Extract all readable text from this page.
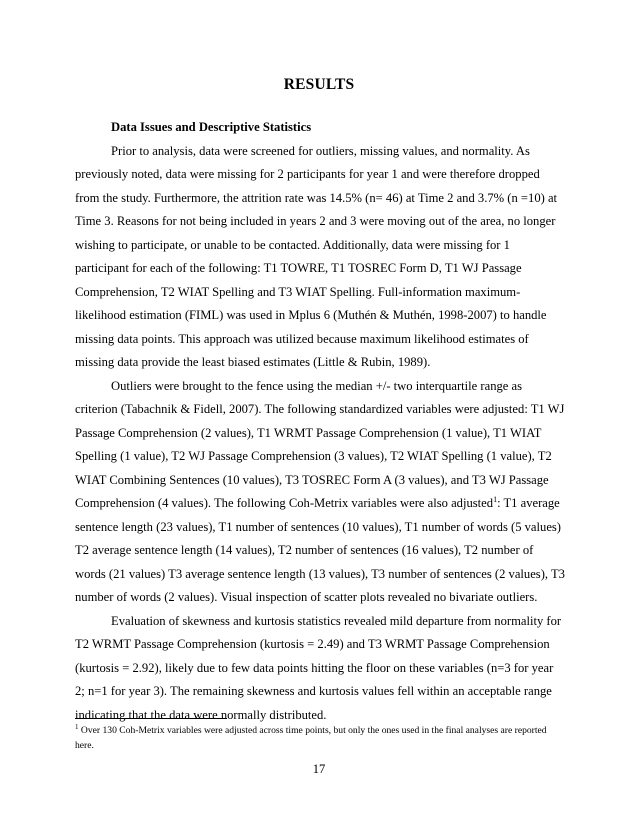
RESULTS

Data Issues and Descriptive Statistics

Prior to analysis, data were screened for outliers, missing values, and normality. As
previously noted, data were missing for 2 participants for year 1 and were therefore dropped
from the study. Furthermore, the attrition rate was 14.5% (n= 46) at Time 2 and 3.7% (n =10) at
Time 3. Reasons for not being included in years 2 and 3 were moving out of the area, no longer
wishing to participate, or unable to be contacted. Additionally, data were missing for 1
participant for each of the following: T1 TOWRE, T1 TOSREC Form D, T1 WJ Passage
Comprehension, T2 WIAT Spelling and T3 WIAT Spelling. Full-information maximum-
likelihood estimation (FIML) was used in Mplus 6 (Muthén & Muthén, 1998-2007) to handle
missing data points. This approach was utilized because maximum likelihood estimates of
missing data provide the least biased estimates (Little & Rubin, 1989).

Outliers were brought to the fence using the median +/- two interquartile range as
criterion (Tabachnik & Fidell, 2007). The following standardized variables were adjusted: T1 WJ
Passage Comprehension (2 values), T1 WRMT Passage Comprehension (1 value), T1 WIAT
Spelling (1 value), T2 WJ Passage Comprehension (3 values), T2 WIAT Spelling (1 value), T2
WIAT Combining Sentences (10 values), T3 TOSREC Form A (3 values), and T3 WJ Passage
Comprehension (4 values). The following Coh-Metrix variables were also adjusted$^1$: T1 average
sentence length (23 values), T1 number of sentences (10 values), T1 number of words (5 values)
T2 average sentence length (14 values), T2 number of sentences (16 values), T2 number of
words (21 values) T3 average sentence length (13 values), T3 number of sentences (2 values), T3
number of words (2 values). Visual inspection of scatter plots revealed no bivariate outliers.

Evaluation of skewness and kurtosis statistics revealed mild departure from normality for
T2 WRMT Passage Comprehension (kurtosis = 2.49) and T3 WRMT Passage Comprehension
(kurtosis = 2.92), likely due to few data points hitting the floor on these variables (n=3 for year
2; n=1 for year 3). The remaining skewness and kurtosis values fell within an acceptable range
indicating that the data were normally distributed.

$^1$ Over 130 Coh-Metrix variables were adjusted across time points, but only the ones used in the final analyses are reported here.
17
